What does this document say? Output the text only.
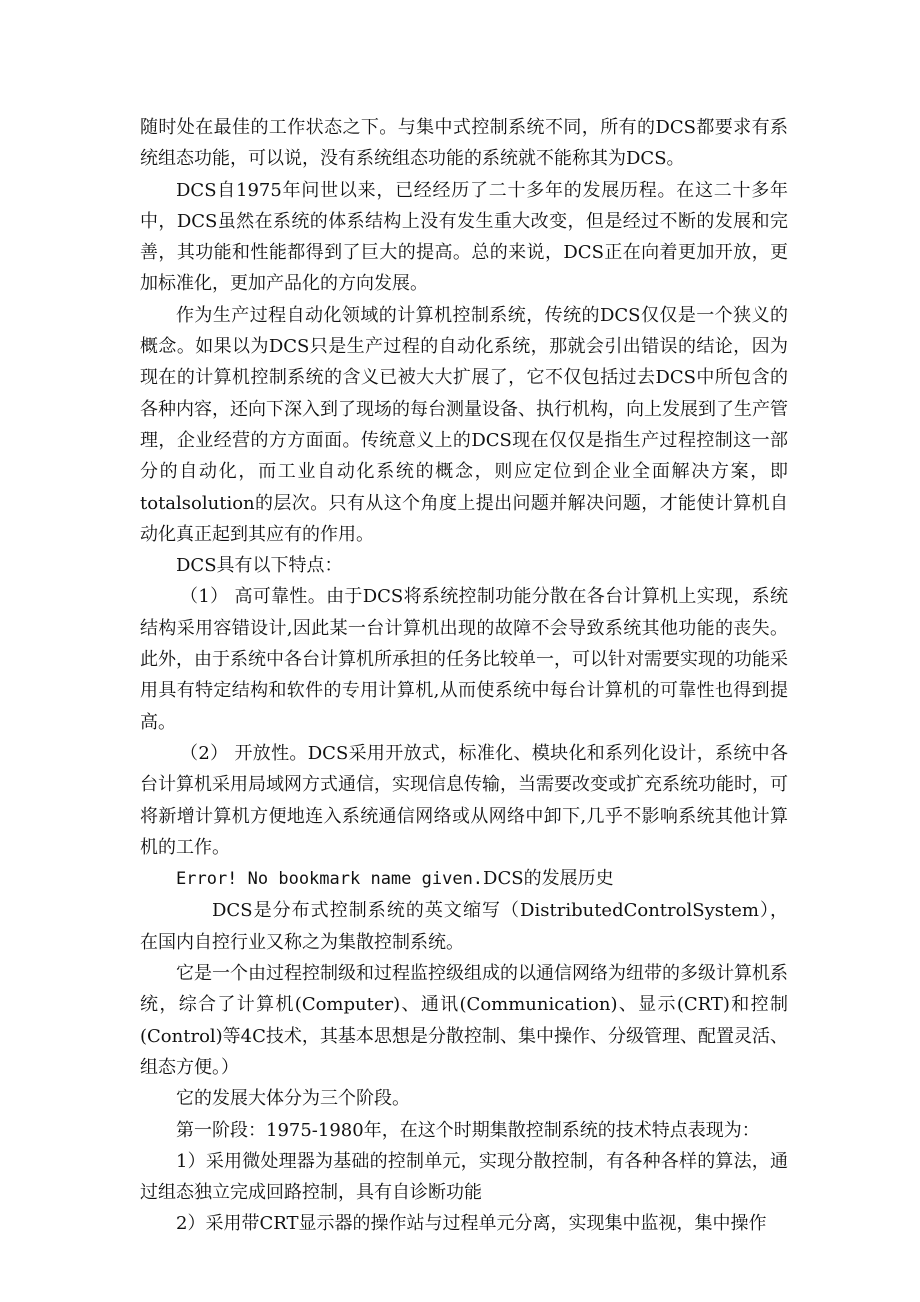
随时处在最佳的工作状态之下。与集中式控制系统不同，所有的DCS都要求有系统组态功能，可以说，没有系统组态功能的系统就不能称其为DCS。

DCS自1975年问世以来，已经经历了二十多年的发展历程。在这二十多年中，DCS虽然在系统的体系结构上没有发生重大改变，但是经过不断的发展和完善，其功能和性能都得到了巨大的提高。总的来说，DCS正在向着更加开放，更加标准化，更加产品化的方向发展。

作为生产过程自动化领域的计算机控制系统，传统的DCS仅仅是一个狭义的概念。如果以为DCS只是生产过程的自动化系统，那就会引出错误的结论，因为现在的计算机控制系统的含义已被大大扩展了，它不仅包括过去DCS中所包含的各种内容，还向下深入到了现场的每台测量设备、执行机构，向上发展到了生产管理，企业经营的方方面面。传统意义上的DCS现在仅仅是指生产过程控制这一部分的自动化，而工业自动化系统的概念，则应定位到企业全面解决方案，即totalsolution的层次。只有从这个角度上提出问题并解决问题，才能使计算机自动化真正起到其应有的作用。

DCS具有以下特点：

（1） 高可靠性。由于DCS将系统控制功能分散在各台计算机上实现，系统结构采用容错设计,因此某一台计算机出现的故障不会导致系统其他功能的丧失。此外，由于系统中各台计算机所承担的任务比较单一，可以针对需要实现的功能采用具有特定结构和软件的专用计算机,从而使系统中每台计算机的可靠性也得到提高。

（2） 开放性。DCS采用开放式，标准化、模块化和系列化设计，系统中各台计算机采用局域网方式通信，实现信息传输，当需要改变或扩充系统功能时，可将新增计算机方便地连入系统通信网络或从网络中卸下,几乎不影响系统其他计算机的工作。

Error! No bookmark name given.DCS的发展历史

DCS是分布式控制系统的英文缩写（DistributedControlSystem），在国内自控行业又称之为集散控制系统。

它是一个由过程控制级和过程监控级组成的以通信网络为纽带的多级计算机系统，综合了计算机(Computer)、通讯(Communication)、显示(CRT)和控制(Control)等4C技术，其基本思想是分散控制、集中操作、分级管理、配置灵活、组态方便。）

它的发展大体分为三个阶段。

第一阶段：1975-1980年，在这个时期集散控制系统的技术特点表现为：

1）采用微处理器为基础的控制单元，实现分散控制，有各种各样的算法，通过组态独立完成回路控制，具有自诊断功能

2）采用带CRT显示器的操作站与过程单元分离，实现集中监视，集中操作
